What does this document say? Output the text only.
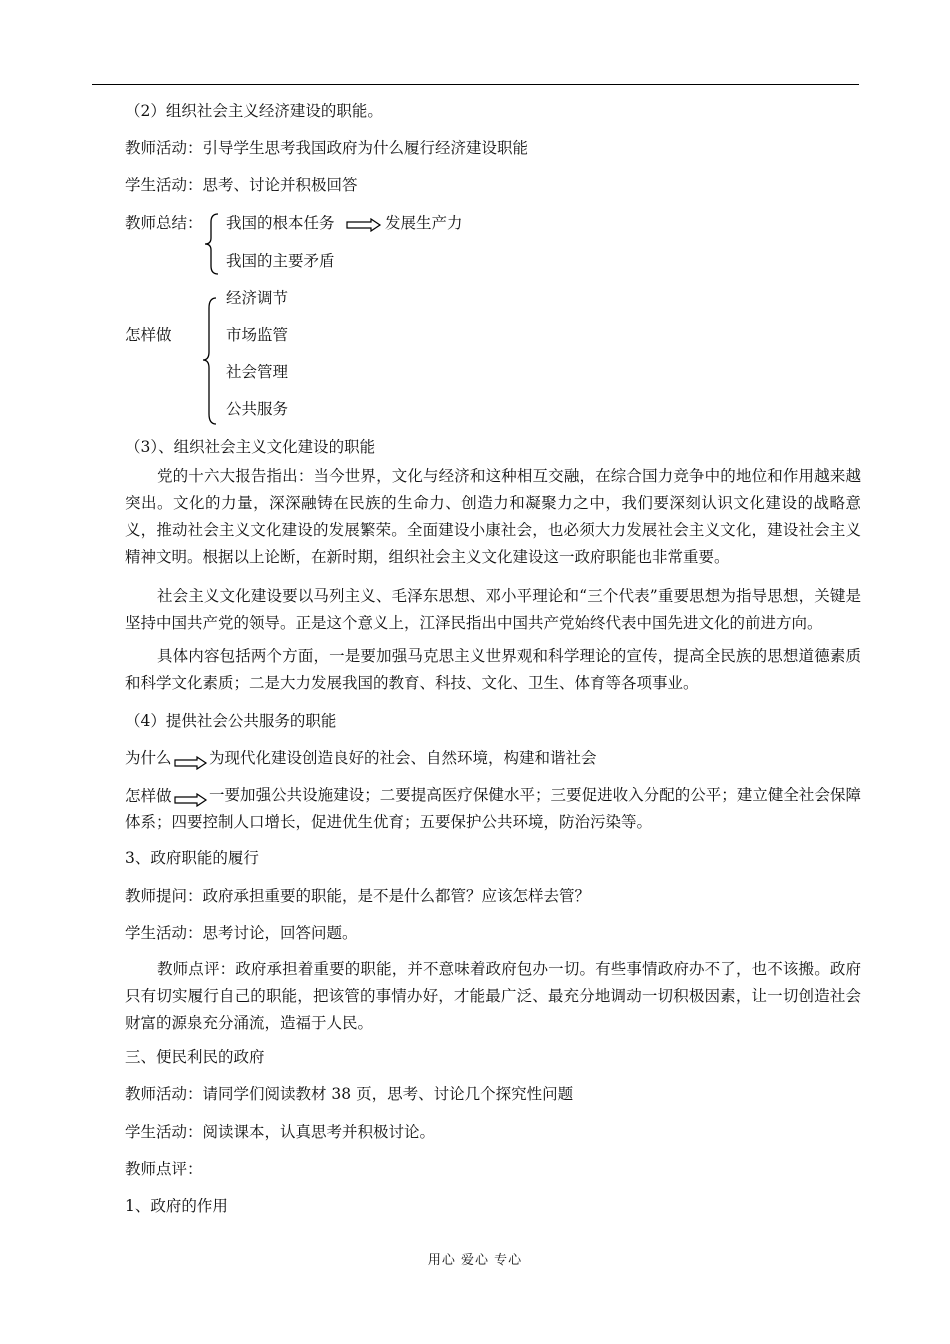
（2）组织社会主义经济建设的职能。
教师活动：引导学生思考我国政府为什么履行经济建设职能
学生活动：思考、讨论并积极回答
教师总结： 我国的根本任务	发展生产力
我国的主要矛盾
怎样做
经济调节
市场监管
社会管理
公共服务
（3）、组织社会主义文化建设的职能
党的十六大报告指出：当今世界，文化与经济和这种相互交融，在综合国力竞争中的地位和作用越来越突出。文化的力量，深深融铸在民族的生命力、创造力和凝聚力之中，我们要深刻认识文化建设的战略意义，推动社会主义文化建设的发展繁荣。全面建设小康社会，也必须大力发展社会主义文化，建设社会主义精神文明。根据以上论断，在新时期，组织社会主义文化建设这一政府职能也非常重要。
社会主义文化建设要以马列主义、毛泽东思想、邓小平理论和“三个代表”重要思想为指导思想，关键是坚持中国共产党的领导。正是这个意义上，江泽民指出中国共产党始终代表中国先进文化的前进方向。
具体内容包括两个方面，一是要加强马克思主义世界观和科学理论的宣传，提高全民族的思想道德素质和科学文化素质；二是大力发展我国的教育、科技、文化、卫生、体育等各项事业。
（4）提供社会公共服务的职能
为什么 为现代化建设创造良好的社会、自然环境，构建和谐社会
怎样做	一要加强公共设施建设；二要提高医疗保健水平；三要促进收入分配的公平；建立健全社会保障体系；四要控制人口增长，促进优生优育；五要保护公共环境，防治污染等。
3、政府职能的履行
教师提问：政府承担重要的职能，是不是什么都管？应该怎样去管？
学生活动：思考讨论，回答问题。
教师点评：政府承担着重要的职能，并不意味着政府包办一切。有些事情政府办不了，也不该搬。政府只有切实履行自己的职能，把该管的事情办好，才能最广泛、最充分地调动一切积极因素，让一切创造社会财富的源泉充分涌流，造福于人民。
三、便民利民的政府
教师活动：请同学们阅读教材 38 页，思考、讨论几个探究性问题
学生活动：阅读课本，认真思考并积极讨论。
教师点评：
1、政府的作用
用心 爱心 专心
